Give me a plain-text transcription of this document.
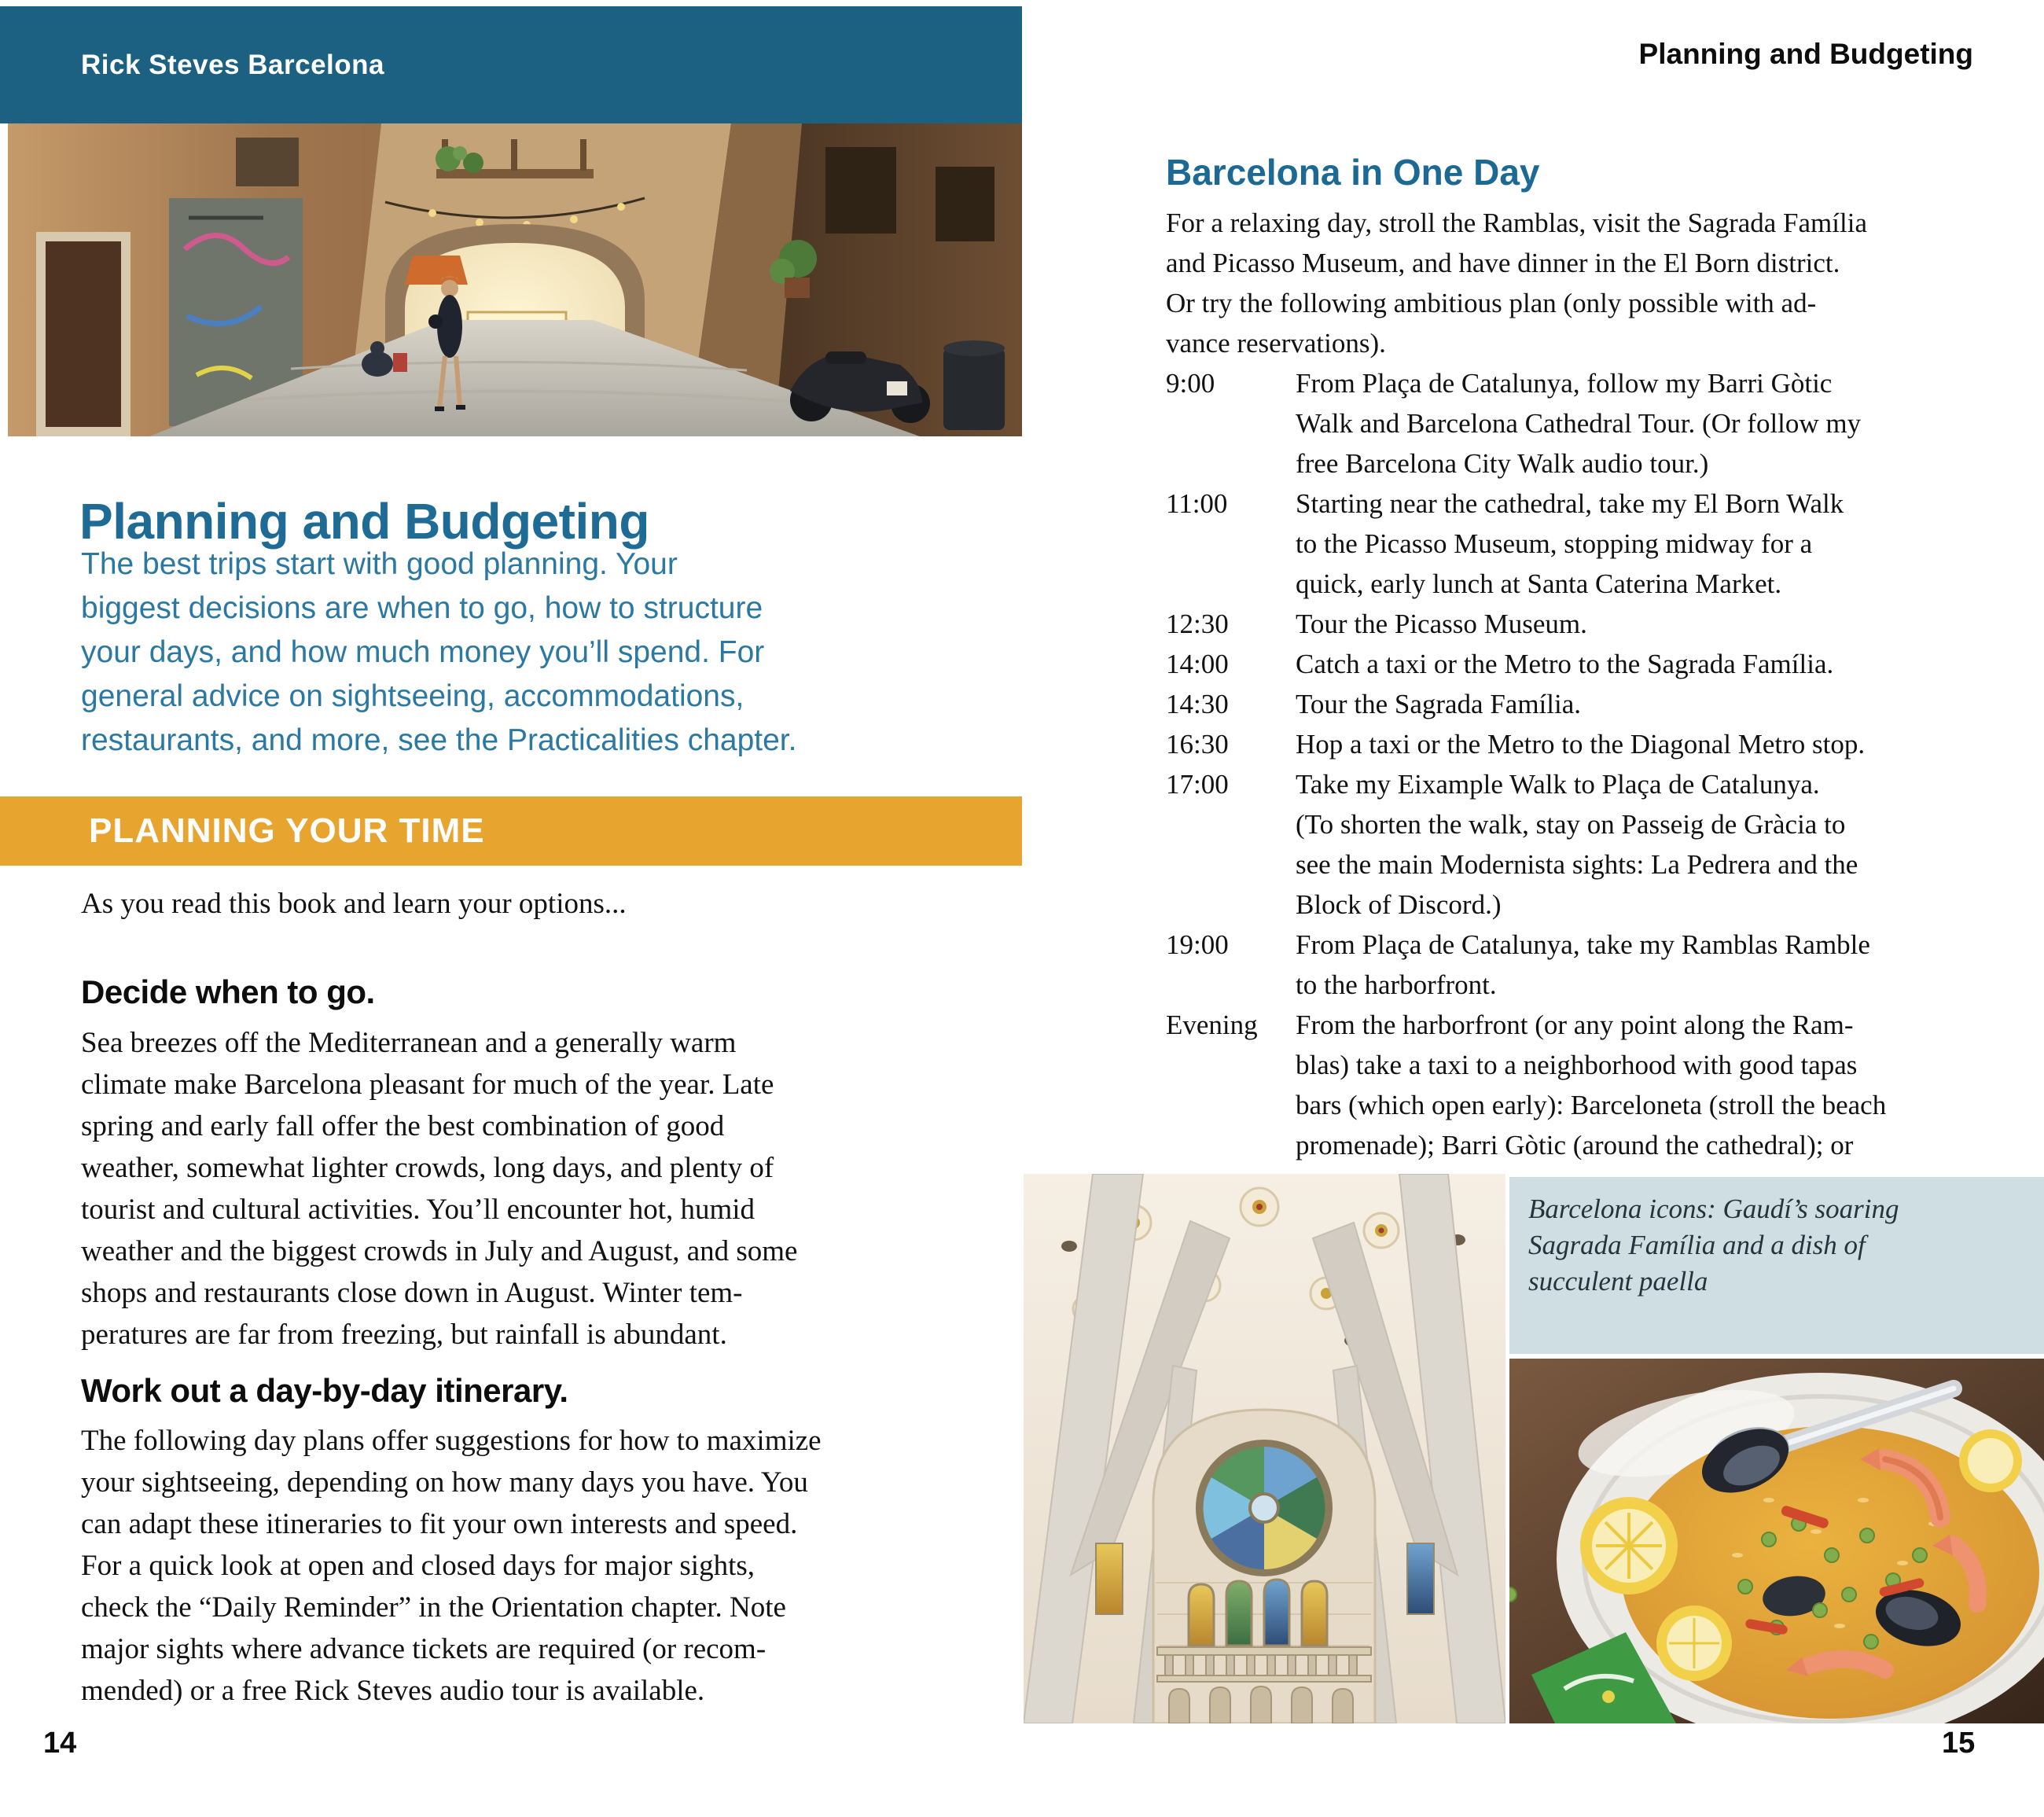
Rick Steves Barcelona
Planning and Budgeting
The best trips start with good planning. Your
biggest decisions are when to go, how to structure
your days, and how much money you’ll spend. For
general advice on sightseeing, accommodations,
restaurants, and more, see the Practicalities chapter.
PLANNING YOUR TIME
As you read this book and learn your options...
Decide when to go.
Sea breezes off the Mediterranean and a generally warm
climate make Barcelona pleasant for much of the year. Late
spring and early fall offer the best combination of good
weather, somewhat lighter crowds, long days, and plenty of
tourist and cultural activities. You’ll encounter hot, humid
weather and the biggest crowds in July and August, and some
shops and restaurants close down in August. Winter tem-
peratures are far from freezing, but rainfall is abundant.
Work out a day-by-day itinerary.
The following day plans offer suggestions for how to maximize
your sightseeing, depending on how many days you have. You
can adapt these itineraries to fit your own interests and speed.
For a quick look at open and closed days for major sights,
check the “Daily Reminder” in the Orientation chapter. Note
major sights where advance tickets are required (or recom-
mended) or a free Rick Steves audio tour is available.
14
Planning and Budgeting
Barcelona in One Day
For a relaxing day, stroll the Ramblas, visit the Sagrada Família
and Picasso Museum, and have dinner in the El Born district.
Or try the following ambitious plan (only possible with ad-
vance reservations).
9:00	From Plaça de Catalunya, follow my Barri Gòtic
Walk and Barcelona Cathedral Tour. (Or follow my
free Barcelona City Walk audio tour.)
11:00	Starting near the cathedral, take my El Born Walk
to the Picasso Museum, stopping midway for a
quick, early lunch at Santa Caterina Market.
12:30	Tour the Picasso Museum.
14:00	Catch a taxi or the Metro to the Sagrada Família.
14:30	Tour the Sagrada Família.
16:30	Hop a taxi or the Metro to the Diagonal Metro stop.
17:00	Take my Eixample Walk to Plaça de Catalunya.
(To shorten the walk, stay on Passeig de Gràcia to
see the main Modernista sights: La Pedrera and the
Block of Discord.)
19:00	From Plaça de Catalunya, take my Ramblas Ramble
to the harborfront.
Evening	From the harborfront (or any point along the Ram-
blas) take a taxi to a neighborhood with good tapas
bars (which open early): Barceloneta (stroll the beach
promenade); Barri Gòtic (around the cathedral); or
Barcelona icons: Gaudí’s soaring
Sagrada Família and a dish of
succulent paella
15
